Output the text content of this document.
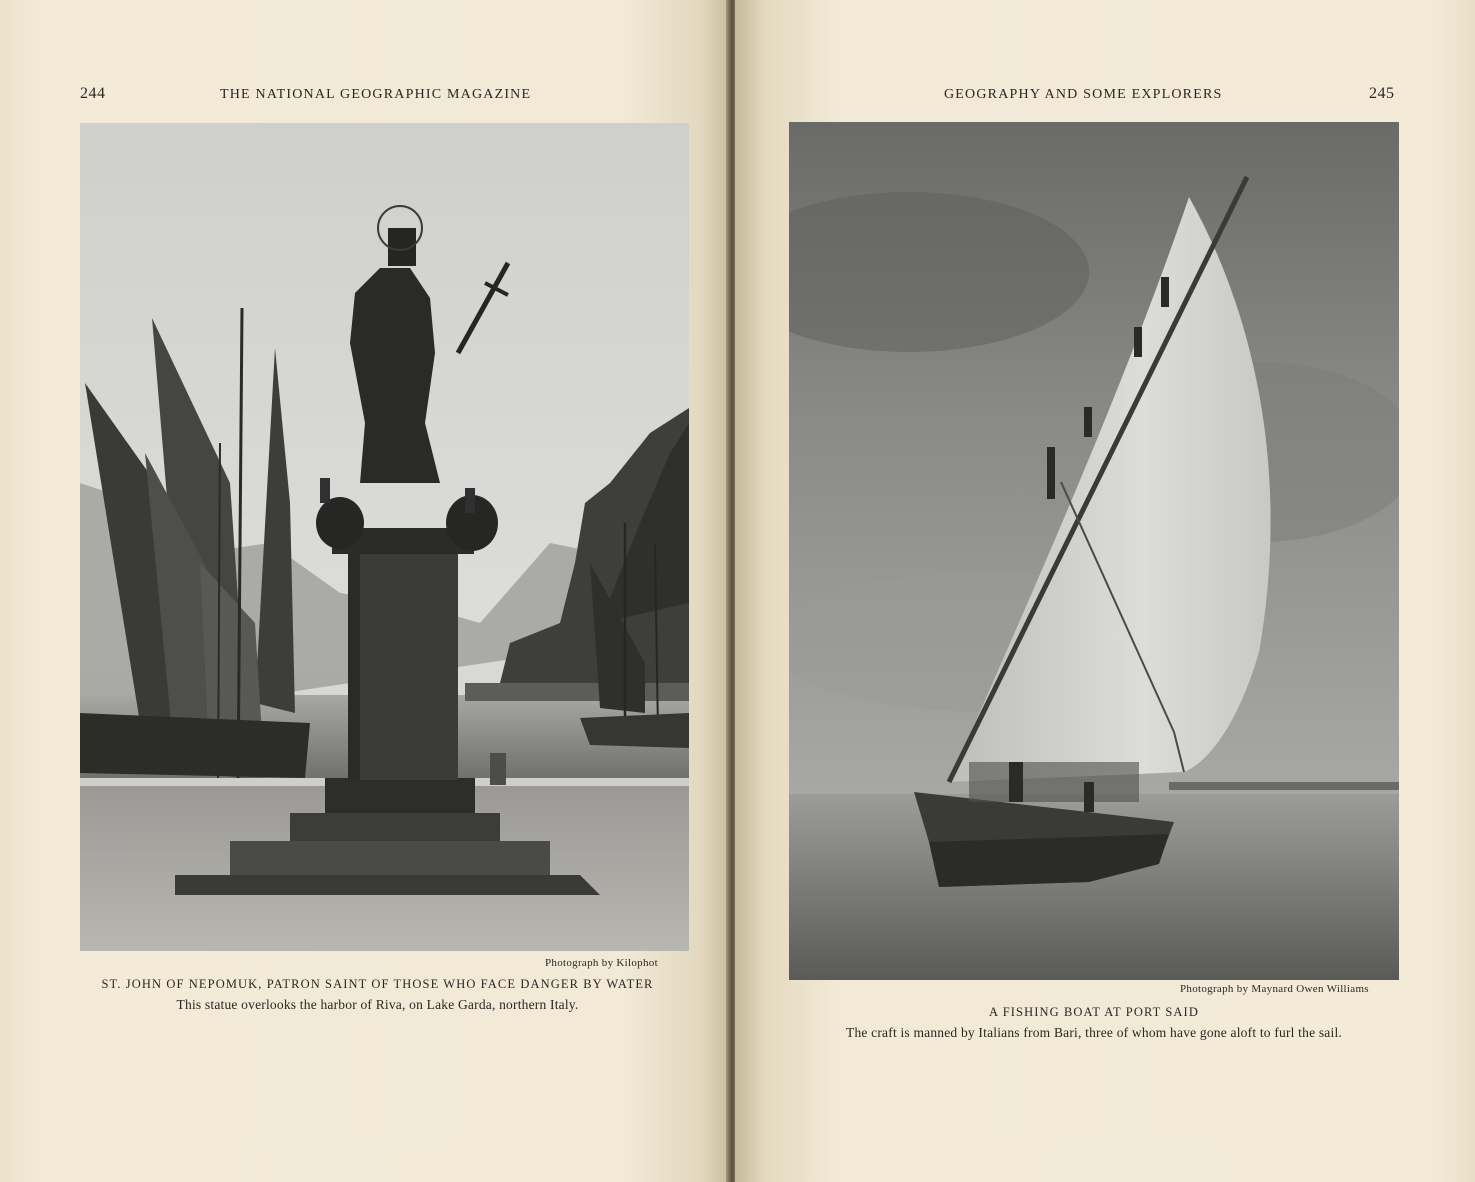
244	THE NATIONAL GEOGRAPHIC MAGAZINE
Photograph by Kilophot
ST. JOHN OF NEPOMUK, PATRON SAINT OF THOSE WHO FACE DANGER BY WATER
This statue overlooks the harbor of Riva, on Lake Garda, northern Italy.
GEOGRAPHY AND SOME EXPLORERS	245
Photograph by Maynard Owen Williams
A FISHING BOAT AT PORT SAID
The craft is manned by Italians from Bari, three of whom have gone aloft to furl the sail.
